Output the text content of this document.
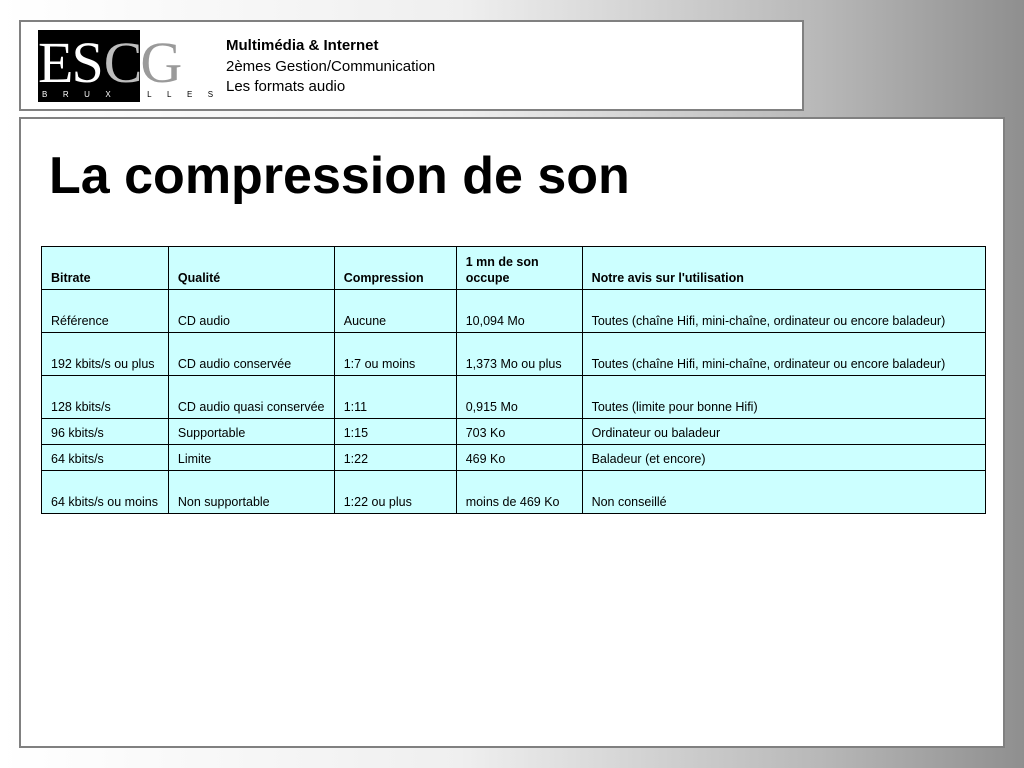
ESCG
BRUXELLES
Multimédia & Internet
2èmes Gestion/Communication
Les formats audio
La compression de son
Bitrate	Qualité	Compression	1 mn de son occupe	Notre avis sur l'utilisation
Référence	CD audio	Aucune	10,094 Mo	Toutes (chaîne Hifi, mini-chaîne, ordinateur ou encore baladeur)
192 kbits/s ou plus	CD audio conservée	1:7 ou moins	1,373 Mo ou plus	Toutes (chaîne Hifi, mini-chaîne, ordinateur ou encore baladeur)
128 kbits/s	CD audio quasi conservée	1:11	0,915 Mo	Toutes (limite pour bonne Hifi)
96 kbits/s	Supportable	1:15	703 Ko	Ordinateur ou baladeur
64 kbits/s	Limite	1:22	469 Ko	Baladeur (et encore)
64 kbits/s ou moins	Non supportable	1:22 ou plus	moins de 469 Ko	Non conseillé
